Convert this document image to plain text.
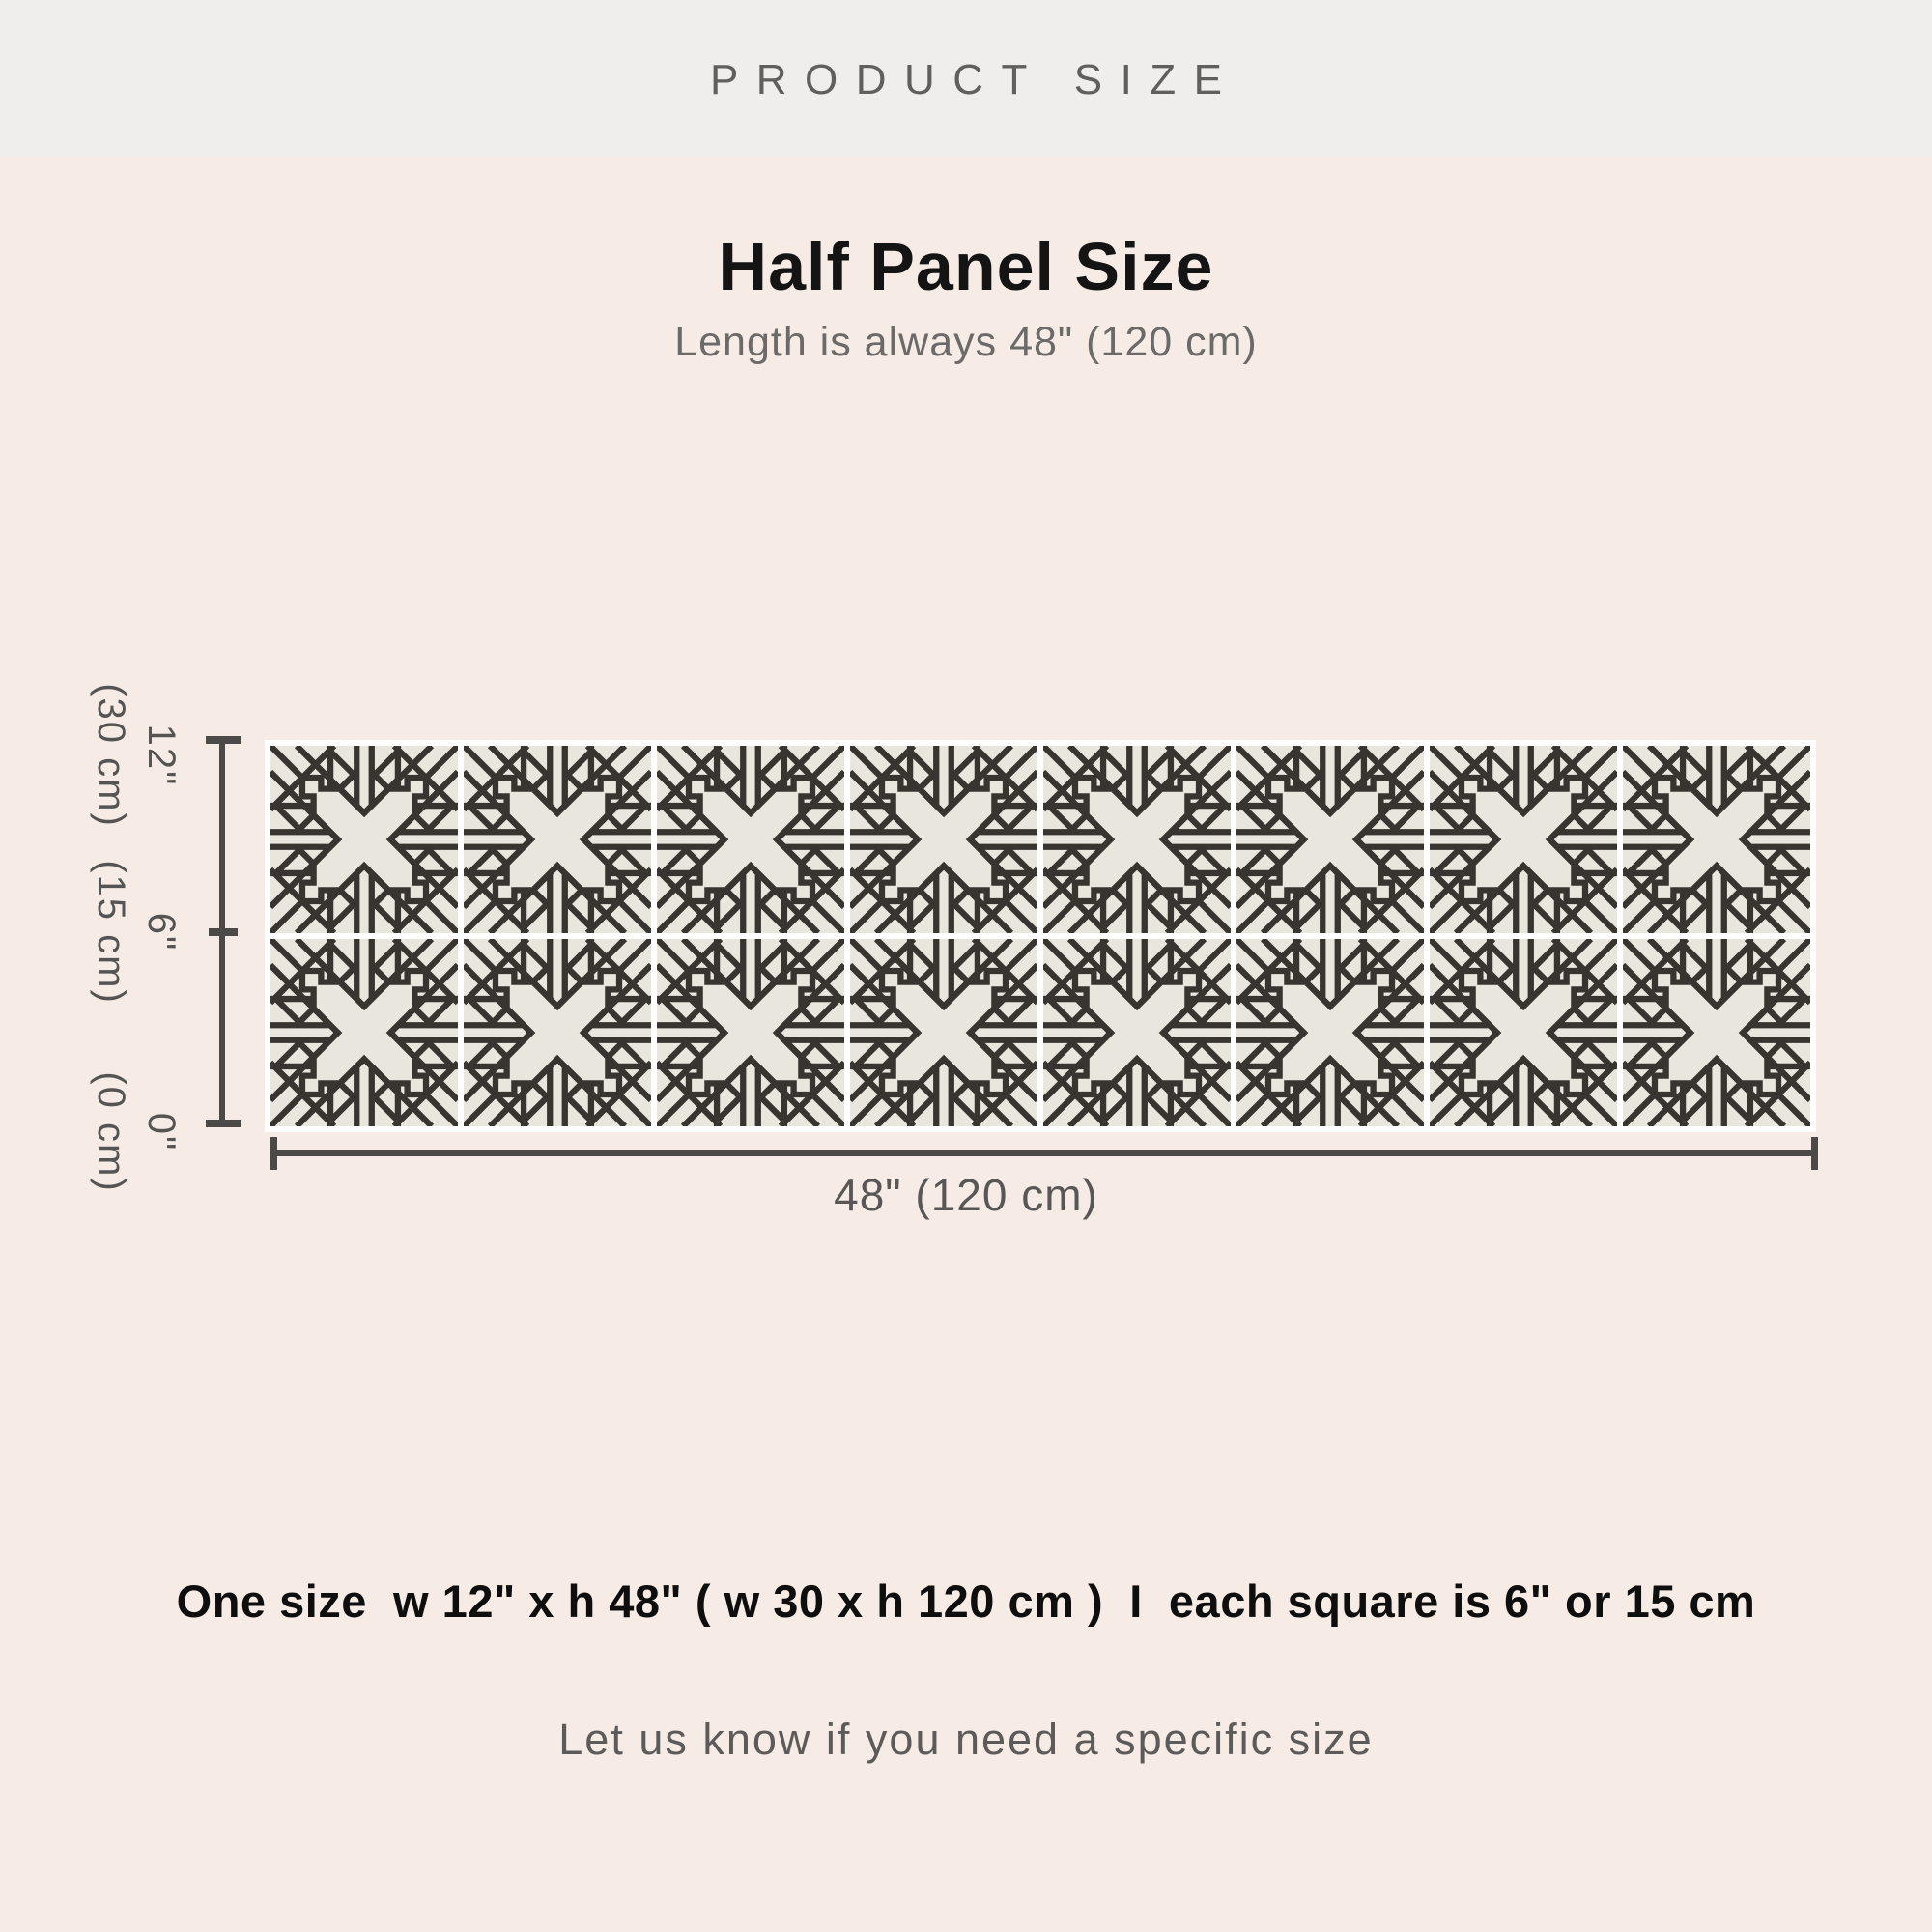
PRODUCT SIZE
Half Panel Size
Length is always 48" (120 cm)
12"
(30 cm)
6"
(15 cm)
0"
(0 cm)
48" (120 cm)
One size  w 12" x h 48" ( w 30 x h 120 cm )  I  each square is 6" or 15 cm
Let us know if you need a specific size
